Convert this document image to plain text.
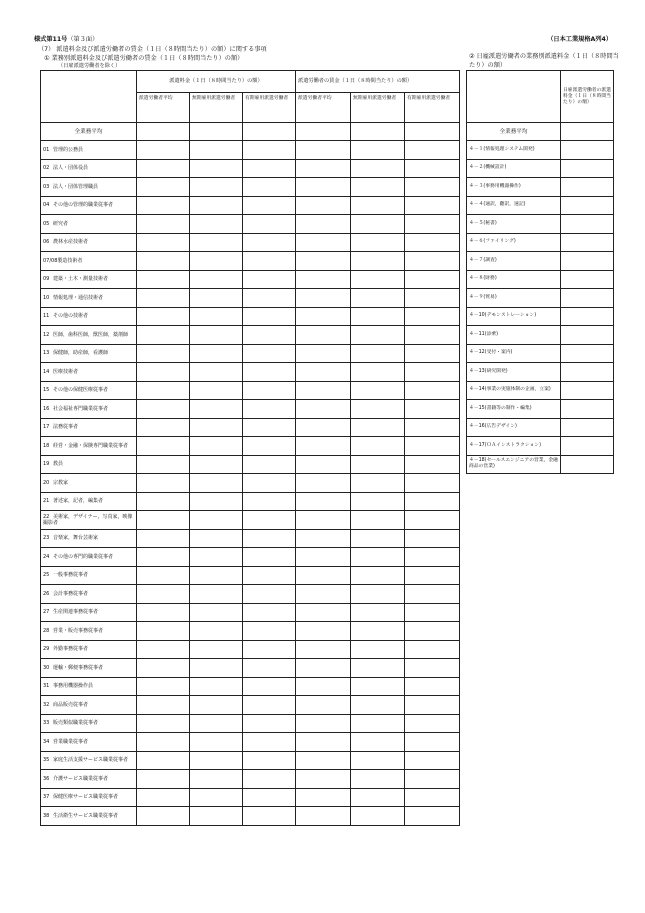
様式第11号（第３面）	（日本工業規格A列4）
（7） 派遣料金及び派遣労働者の賃金（１日（８時間当たり）の額）に関する事項
① 業務別派遣料金及び派遣労働者の賃金（１日（８時間当たり）の額）
（日雇派遣労働者を除く）
② 日雇派遣労働者の業務別派遣料金（１日（８時間当たり）の額）
	派遣料金（１日（８時間当たり）の額）			派遣労働者の賃金（１日（８時間当たり）の額）		
	派遣労働者平均	無期雇用派遣労働者	有期雇用派遣労働者	派遣労働者平均	無期雇用派遣労働者	有期雇用派遣労働者
全業務平均						
01 管理的公務員						
02 法人・団体役員						
03 法人・団体管理職員						
04 その他の管理的職業従事者						
05 研究者						
06 農林水産技術者						
07/08製造技術者						
09 建築・土木・測量技術者						
10 情報処理・通信技術者						
11 その他の技術者						
12 医師，歯科医師，獣医師，薬剤師						
13 保健師，助産師，看護師						
14 医療技術者						
15 その他の保健医療従事者						
16 社会福祉専門職業従事者						
17 法務従事者						
18 経営・金融・保険専門職業従事者						
19 教員						
20 宗教家						
21 著述家，記者，編集者						
22 美術家，デザイナー，写真家，映像撮影者						
23 音楽家，舞台芸術家						
24 その他の専門的職業従事者						
25 一般事務従事者						
26 会計事務従事者						
27 生産関連事務従事者						
28 営業・販売事務従事者						
29 外勤事務従事者						
30 運輸・郵便事務従事者						
31 事務用機器操作員						
32 商品販売従事者						
33 販売類似職業従事者						
34 営業職業従事者						
35 家庭生活支援サービス職業従事者						
36 介護サービス職業従事者						
37 保健医療サービス職業従事者						
38 生活衛生サービス職業従事者						
	日雇派遣労働者の派遣料金（１日（８時間当たり）の額）
全業務平均	
４－１(情報処理システム開発)	
４－２(機械設計)	
４－３(事務用機器操作)	
４－４(通訳，翻訳，速記)	
４－５(秘書)	
４－６(ファイリング)	
４－７(調査)	
４－８(財務)	
４－９(貿易)	
４－10(デモンストレーション)	
４－11(添乗)	
４－12(受付・案内)	
４－13(研究開発)	
４－14(事業の実施体制の企画，立案)	
４－15(書籍等の制作・編集)	
４－16(広告デザイン)	
４－17(ＯＡインストラクション)	
４－18(セールスエンジニアの営業，金融商品の営業)	
